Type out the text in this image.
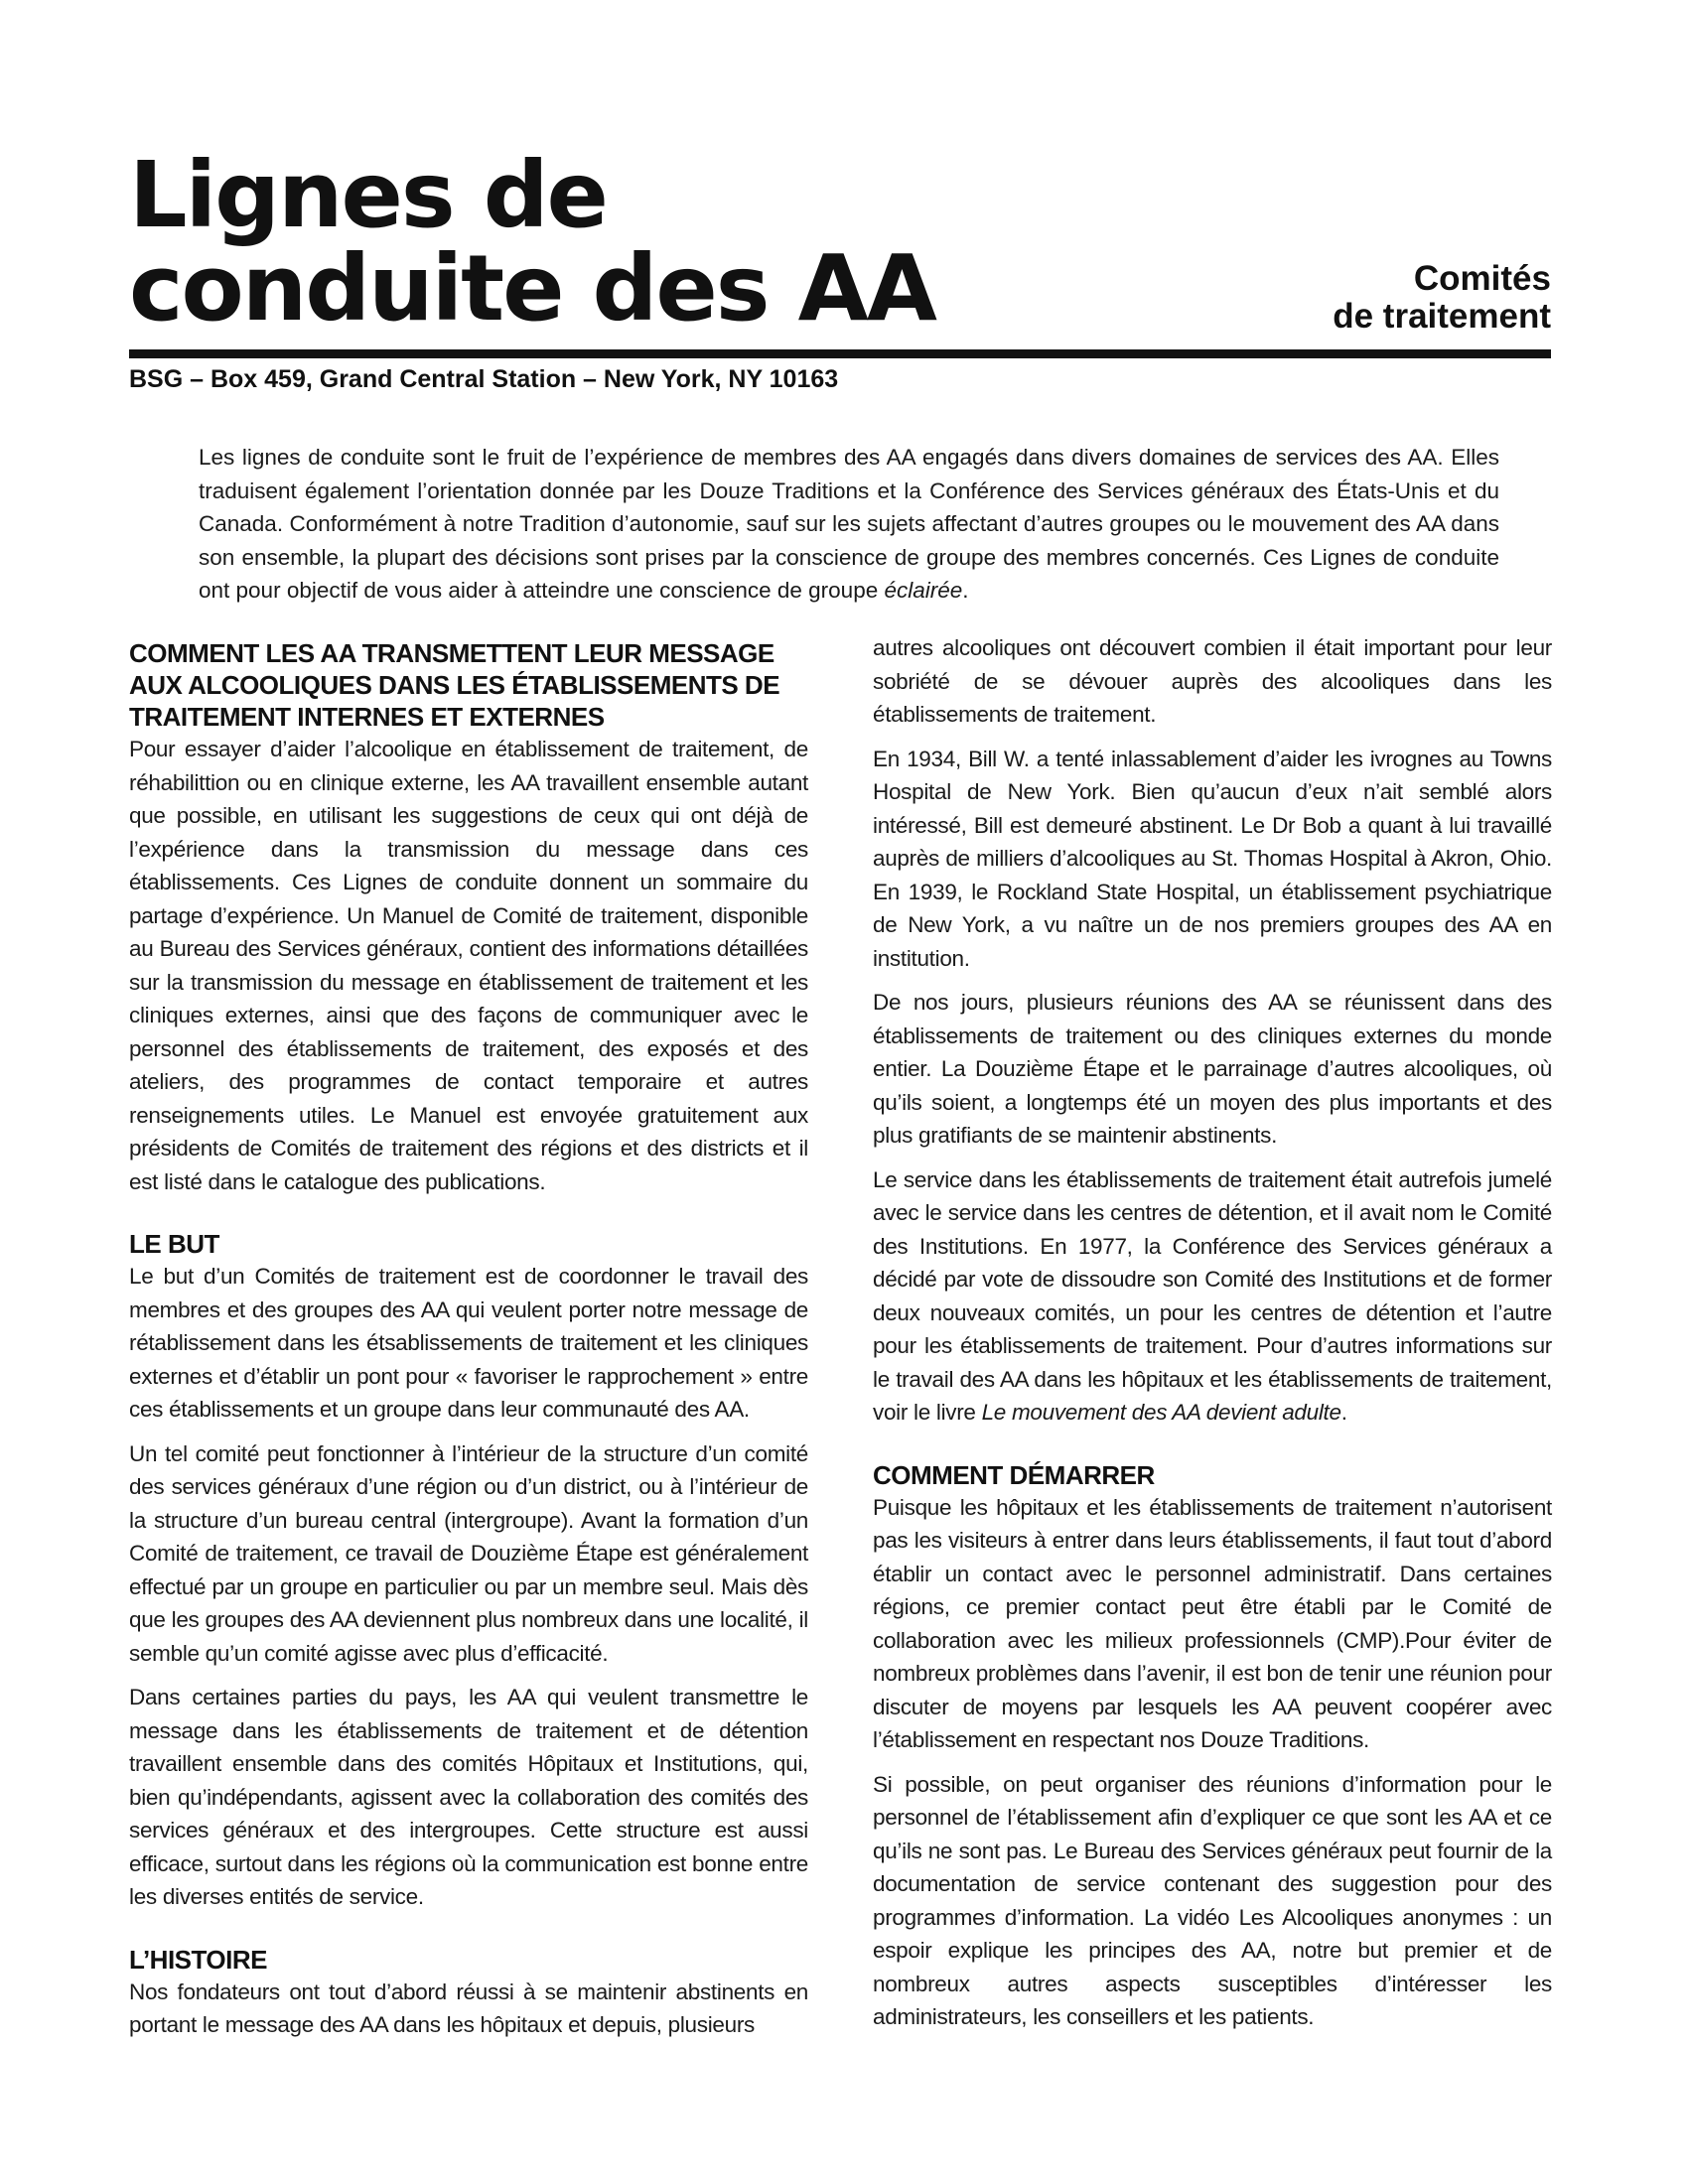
Lignes de
conduite des AA	Comités
de traitement
BSG – Box 459, Grand Central Station – New York, NY 10163

Les lignes de conduite sont le fruit de l’expérience de membres des AA engagés dans divers domaines de services des AA. Elles traduisent également l’orientation donnée par les Douze Traditions et la Conférence des Services généraux des États-Unis et du Canada. Conformément à notre Tradition d’autonomie, sauf sur les sujets affectant d’autres groupes ou le mouvement des AA dans son ensemble, la plupart des décisions sont prises par la conscience de groupe des membres concernés. Ces Lignes de conduite ont pour objectif de vous aider à atteindre une conscience de groupe éclairée.

COMMENT LES AA TRANSMETTENT LEUR MESSAGE
AUX ALCOOLIQUES DANS LES ÉTABLISSEMENTS DE
TRAITEMENT INTERNES ET EXTERNES

Pour essayer d’aider l’alcoolique en établissement de traitement, de réhabilittion ou en clinique externe, les AA travaillent ensemble autant que possible, en utilisant les suggestions de ceux qui ont déjà de l’expérience dans la transmission du message dans ces établissements. Ces Lignes de conduite donnent un sommaire du partage d’expérience. Un Manuel de Comité de traitement, disponible au Bureau des Services généraux, contient des informations détaillées sur la transmission du message en établissement de traitement et les cliniques externes, ainsi que des façons de communiquer avec le personnel des établissements de traitement, des exposés et des ateliers, des programmes de contact temporaire et autres renseignements utiles. Le Manuel est envoyée gratuitement aux présidents de Comités de traitement des régions et des districts et il est listé dans le catalogue des publications.

LE BUT

Le but d’un Comités de traitement est de coordonner le travail des membres et des groupes des AA qui veulent porter notre message de rétablissement dans les étsablissements de traitement et les cliniques externes et d’établir un pont pour « favoriser le rapprochement » entre ces établissements et un groupe dans leur communauté des AA.

Un tel comité peut fonctionner à l’intérieur de la structure d’un comité des services généraux d’une région ou d’un district, ou à l’intérieur de la structure d’un bureau central (intergroupe). Avant la formation d’un Comité de traitement, ce travail de Douzième Étape est généralement effectué par un groupe en particulier ou par un membre seul. Mais dès que les groupes des AA deviennent plus nombreux dans une localité, il semble qu’un comité agisse avec plus d’efficacité.

Dans certaines parties du pays, les AA qui veulent transmettre le message dans les établissements de traitement et de détention travaillent ensemble dans des comités Hôpitaux et Institutions, qui, bien qu’indépendants, agissent avec la collaboration des comités des services généraux et des intergroupes. Cette structure est aussi efficace, surtout dans les régions où la communication est bonne entre les diverses entités de service.

L’HISTOIRE

Nos fondateurs ont tout d’abord réussi à se maintenir abstinents en portant le message des AA dans les hôpitaux et depuis, plusieurs

autres alcooliques ont découvert combien il était important pour leur sobriété de se dévouer auprès des alcooliques dans les établissements de traitement.

En 1934, Bill W. a tenté inlassablement d’aider les ivrognes au Towns Hospital de New York. Bien qu’aucun d’eux n’ait semblé alors intéressé, Bill est demeuré abstinent. Le Dr Bob a quant à lui travaillé auprès de milliers d’alcooliques au St. Thomas Hospital à Akron, Ohio. En 1939, le Rockland State Hospital, un établissement psychiatrique de New York, a vu naître un de nos premiers groupes des AA en institution.

De nos jours, plusieurs réunions des AA se réunissent dans des établissements de traitement ou des cliniques externes du monde entier. La Douzième Étape et le parrainage d’autres alcooliques, où qu’ils soient, a longtemps été un moyen des plus importants et des plus gratifiants de se maintenir abstinents.

Le service dans les établissements de traitement était autrefois jumelé avec le service dans les centres de détention, et il avait nom le Comité des Institutions. En 1977, la Conférence des Services généraux a décidé par vote de dissoudre son Comité des Institutions et de former deux nouveaux comités, un pour les centres de détention et l’autre pour les établissements de traitement. Pour d’autres informations sur le travail des AA dans les hôpitaux et les établissements de traitement, voir le livre Le mouvement des AA devient adulte.

COMMENT DÉMARRER

Puisque les hôpitaux et les établissements de traitement n’autorisent pas les visiteurs à entrer dans leurs établissements, il faut tout d’abord établir un contact avec le personnel administratif. Dans certaines régions, ce premier contact peut être établi par le Comité de collaboration avec les milieux professionnels (CMP).Pour éviter de nombreux problèmes dans l’avenir, il est bon de tenir une réunion pour discuter de moyens par lesquels les AA peuvent coopérer avec l’établissement en respectant nos Douze Traditions.

Si possible, on peut organiser des réunions d’information pour le personnel de l’établissement afin d’expliquer ce que sont les AA et ce qu’ils ne sont pas. Le Bureau des Services généraux peut fournir de la documentation de service contenant des suggestion pour des programmes d’information. La vidéo Les Alcooliques anonymes : un espoir explique les principes des AA, notre but premier et de nombreux autres aspects susceptibles d’intéresser les administrateurs, les conseillers et les patients.
